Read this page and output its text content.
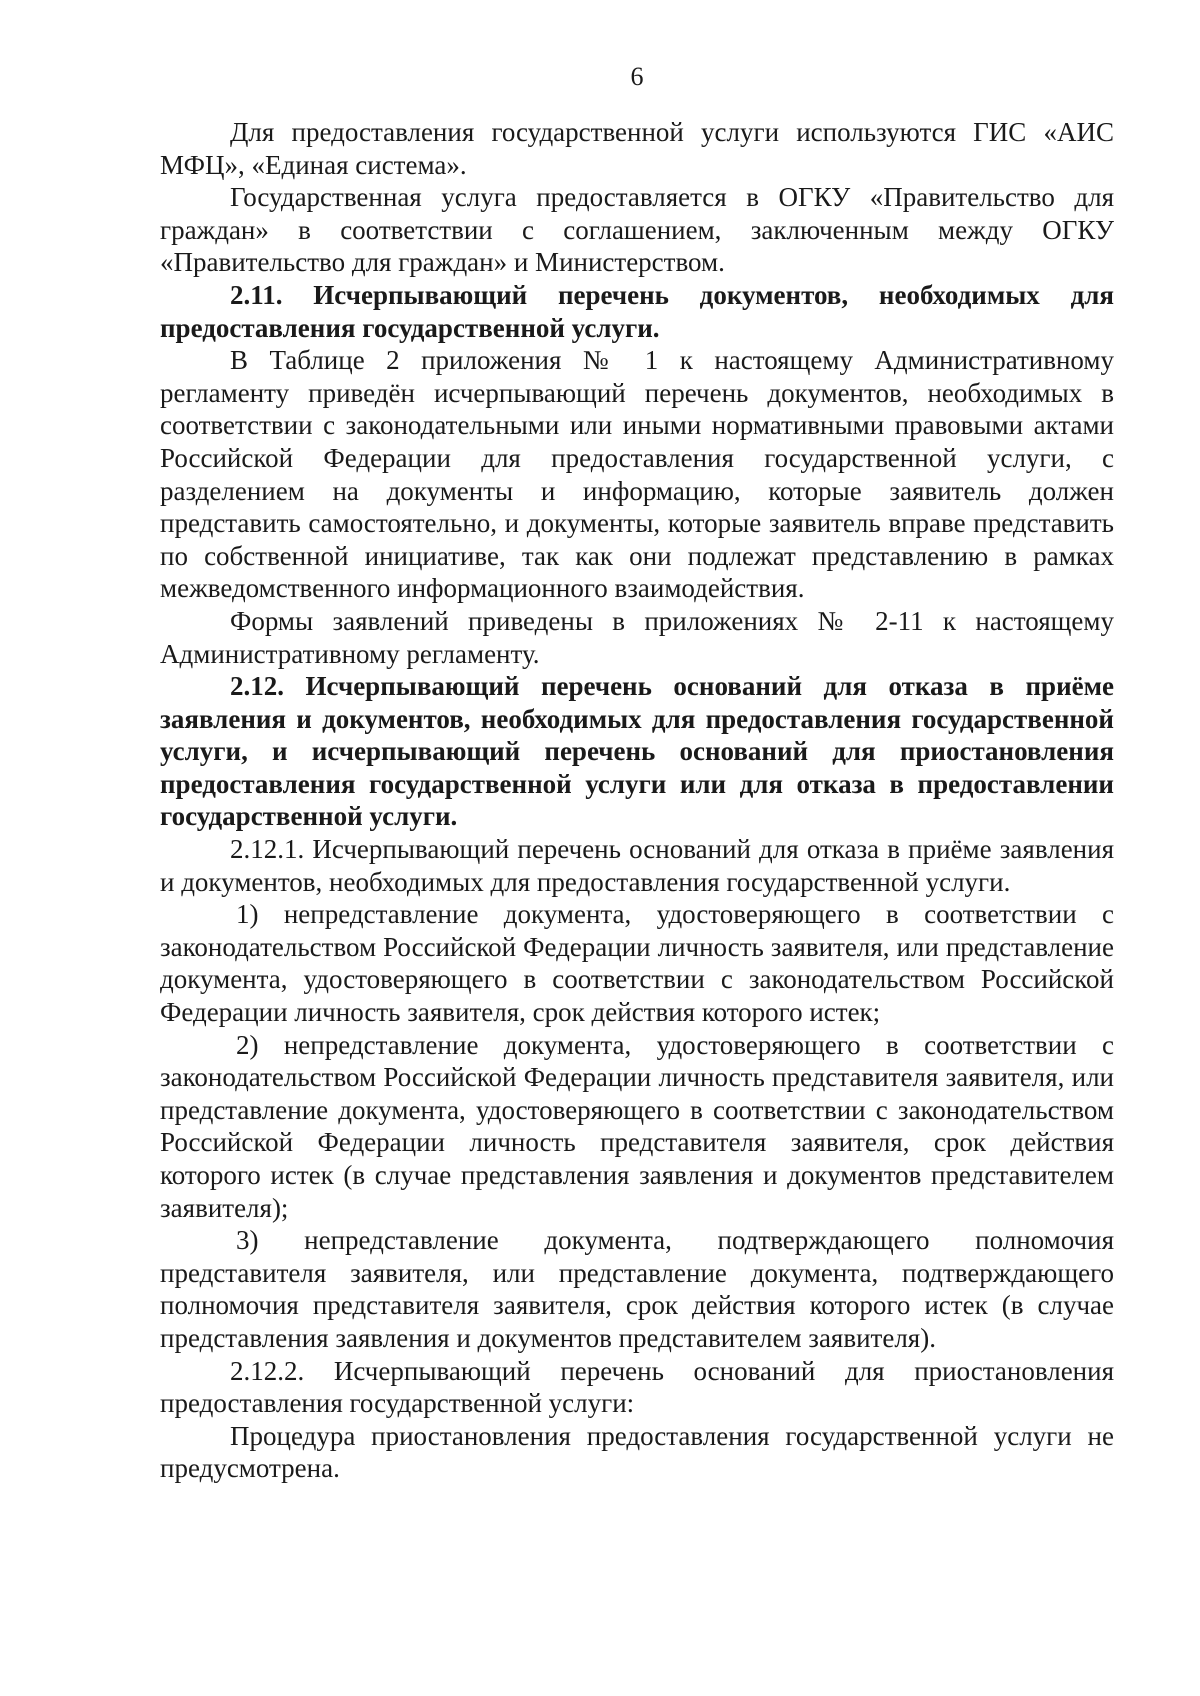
6

Для предоставления государственной услуги используются ГИС «АИС МФЦ», «Единая система».

Государственная услуга предоставляется в ОГКУ «Правительство для граждан» в соответствии с соглашением, заключенным между ОГКУ «Правительство для граждан» и Министерством.

2.11. Исчерпывающий перечень документов, необходимых для предоставления государственной услуги.

В Таблице 2 приложения № 1 к настоящему Административному регламенту приведён исчерпывающий перечень документов, необходимых в соответствии с законодательными или иными нормативными правовыми актами Российской Федерации для предоставления государственной услуги, с разделением на документы и информацию, которые заявитель должен представить самостоятельно, и документы, которые заявитель вправе представить по собственной инициативе, так как они подлежат представлению в рамках межведомственного информационного взаимодействия.

Формы заявлений приведены в приложениях № 2-11 к настоящему Административному регламенту.

2.12. Исчерпывающий перечень оснований для отказа в приёме заявления и документов, необходимых для предоставления государственной услуги, и исчерпывающий перечень оснований для приостановления предоставления государственной услуги или для отказа в предоставлении государственной услуги.

2.12.1. Исчерпывающий перечень оснований для отказа в приёме заявления и документов, необходимых для предоставления государственной услуги.

1) непредставление документа, удостоверяющего в соответствии с законодательством Российской Федерации личность заявителя, или представление документа, удостоверяющего в соответствии с законодательством Российской Федерации личность заявителя, срок действия которого истек;

2) непредставление документа, удостоверяющего в соответствии с законодательством Российской Федерации личность представителя заявителя, или представление документа, удостоверяющего в соответствии с законодательством Российской Федерации личность представителя заявителя, срок действия которого истек (в случае представления заявления и документов представителем заявителя);

3) непредставление документа, подтверждающего полномочия представителя заявителя, или представление документа, подтверждающего полномочия представителя заявителя, срок действия которого истек (в случае представления заявления и документов представителем заявителя).

2.12.2. Исчерпывающий перечень оснований для приостановления предоставления государственной услуги:

Процедура приостановления предоставления государственной услуги не предусмотрена.
